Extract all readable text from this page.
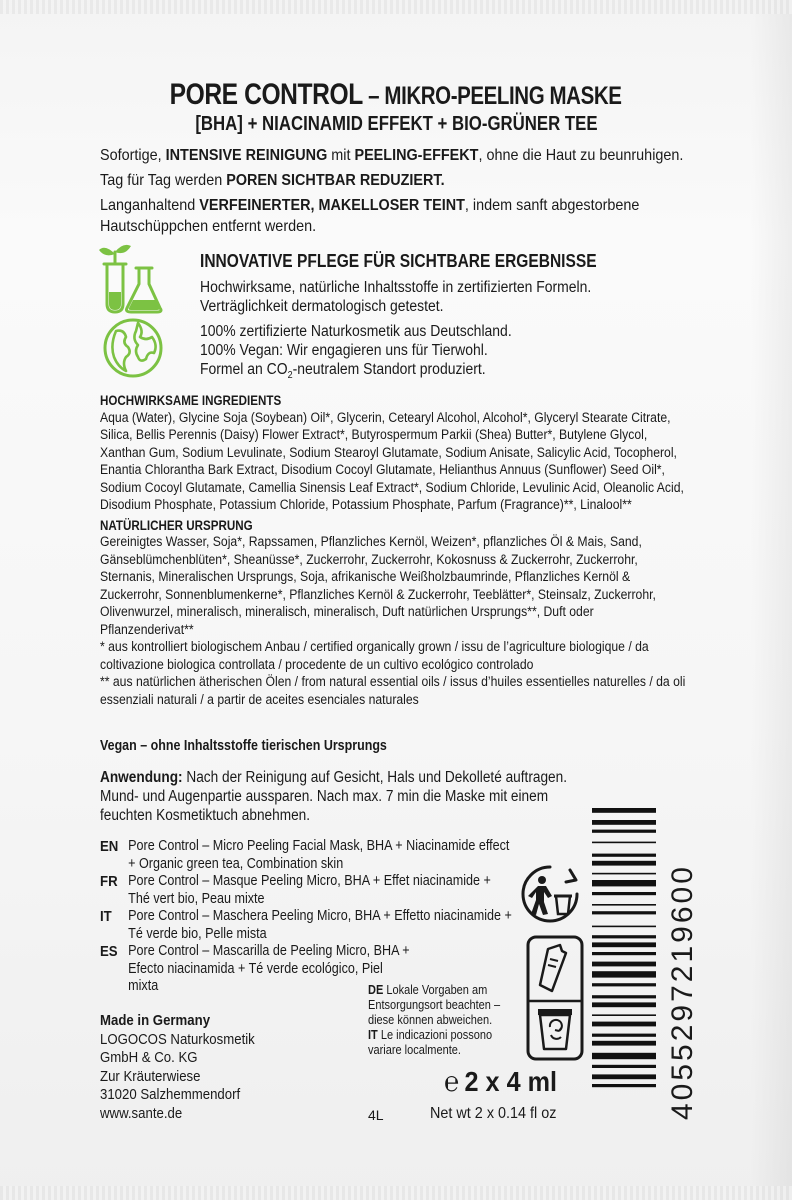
PORE CONTROL – MIKRO-PEELING MASKE
[BHA] + NIACINAMID EFFEKT + BIO-GRÜNER TEE

Sofortige, INTENSIVE REINIGUNG mit PEELING-EFFEKT, ohne die Haut zu beunruhigen.

Tag für Tag werden POREN SICHTBAR REDUZIERT.

Langanhaltend VERFEINERTER, MAKELLOSER TEINT, indem sanft abgestorbene Hautschüppchen entfernt werden.

INNOVATIVE PFLEGE FÜR SICHTBARE ERGEBNISSE

Hochwirksame, natürliche Inhaltsstoffe in zertifizierten Formeln. Verträglichkeit dermatologisch getestet.

100% zertifizierte Naturkosmetik aus Deutschland.
100% Vegan: Wir engagieren uns für Tierwohl.
Formel an $CO_2$-neutralem Standort produziert.
HOCHWIRKSAME INGREDIENTS

Aqua (Water), Glycine Soja (Soybean) Oil*, Glycerin, Cetearyl Alcohol, Alcohol*, Glyceryl Stearate Citrate, Silica, Bellis Perennis (Daisy) Flower Extract*, Butyrospermum Parkii (Shea) Butter*, Butylene Glycol, Xanthan Gum, Sodium Levulinate, Sodium Stearoyl Glutamate, Sodium Anisate, Salicylic Acid, Tocopherol, Enantia Chlorantha Bark Extract, Disodium Cocoyl Glutamate, Helianthus Annuus (Sunflower) Seed Oil*, Sodium Cocoyl Glutamate, Camellia Sinensis Leaf Extract*, Sodium Chloride, Levulinic Acid, Oleanolic Acid, Disodium Phosphate, Potassium Chloride, Potassium Phosphate, Parfum (Fragrance)**, Linalool**

NATÜRLICHER URSPRUNG

Gereinigtes Wasser, Soja*, Rapssamen, Pflanzliches Kernöl, Weizen*, pflanzliches Öl & Mais, Sand, Gänseblümchenblüten*, Sheanüsse*, Zuckerrohr, Zuckerrohr, Kokosnuss & Zuckerrohr, Zuckerrohr, Sternanis, Mineralischen Ursprungs, Soja, afrikanische Weißholzbaumrinde, Pflanzliches Kernöl & Zuckerrohr, Sonnenblumenkerne*, Pflanzliches Kernöl & Zuckerrohr, Teeblätter*, Steinsalz, Zuckerrohr, Olivenwurzel, mineralisch, mineralisch, mineralisch, Duft natürlichen Ursprungs**, Duft oder Pflanzenderivat**

* aus kontrolliert biologischem Anbau / certified organically grown / issu de l’agriculture biologique / da coltivazione biologica controllata / procedente de un cultivo ecológico controlado

** aus natürlichen ätherischen Ölen / from natural essential oils / issus d’huiles essentielles naturelles / da oli essenziali naturali / a partir de aceites esenciales naturales

Vegan – ohne Inhaltsstoffe tierischen Ursprungs
Anwendung: Nach der Reinigung auf Gesicht, Hals und Dekolleté auftragen. Mund- und Augenpartie aussparen. Nach max. 7 min die Maske mit einem feuchten Kosmetiktuch abnehmen.
EN Pore Control – Micro Peeling Facial Mask, BHA + Niacinamide effect + Organic green tea, Combination skin
FR Pore Control – Masque Peeling Micro, BHA + Effet niacinamide + Thé vert bio, Peau mixte
IT	Pore Control – Maschera Peeling Micro, BHA + Effetto niacinamide + Té verde bio, Pelle mista
ES Pore Control – Mascarilla de Peeling Micro, BHA + Efecto niacinamida + Té verde ecológico, Piel mixta
Made in Germany
LOGOCOS Naturkosmetik
GmbH & Co. KG
Zur Kräuterwiese
31020 Salzhemmendorf
www.sante.de

DE Lokale Vorgaben am Entsorgungsort beachten – diese können abweichen.

IT Le indicazioni possono variare localmente.

4L
℮ 2 x 4 ml
Net wt 2 x 0.14 fl oz	4055297219600
